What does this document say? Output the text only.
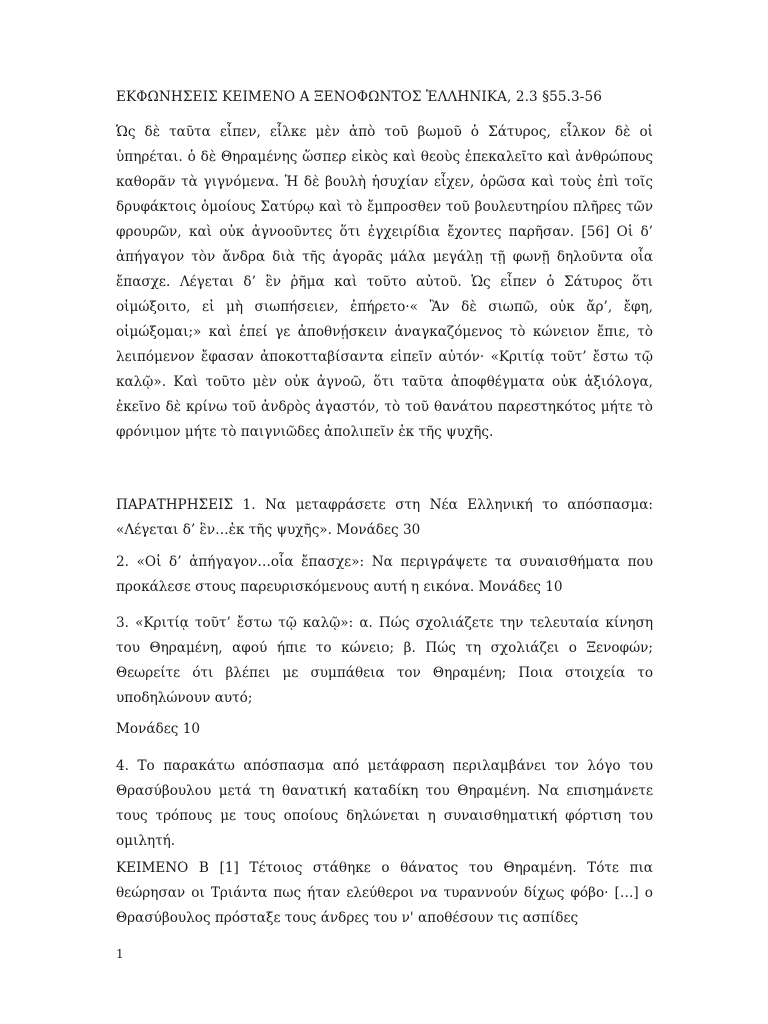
ΕΚΦΩΝΗΣΕΙΣ ΚΕΙΜΕΝΟ Α ΞΕΝΟΦΩΝΤΟΣ ἙΛΛΗΝΙΚΑ, 2.3 §55.3-56
Ὡς δὲ ταῦτα εἶπεν, εἷλκε μὲν ἀπὸ τοῦ βωμοῦ ὁ Σάτυρος, εἷλκον δὲ οἱ ὑπηρέται. ὁ δὲ Θηραμένης ὥσπερ εἰκὸς καὶ θεοὺς ἐπεκαλεῖτο καὶ ἀνθρώπους καθορᾶν τὰ γιγνόμενα. Ἡ δὲ βουλὴ ἡσυχίαν εἶχεν, ὁρῶσα καὶ τοὺς ἐπὶ τοῖς δρυφάκτοις ὁμοίους Σατύρῳ καὶ τὸ ἔμπροσθεν τοῦ βουλευτηρίου πλῆρες τῶν φρουρῶν, καὶ οὐκ ἀγνοοῦντες ὅτι ἐγχειρίδια ἔχοντες παρῆσαν. [56] Οἱ δ’ ἀπήγαγον τὸν ἄνδρα διὰ τῆς ἀγορᾶς μάλα μεγάλῃ τῇ φωνῇ δηλοῦντα οἷα ἔπασχε. Λέγεται δ’ ἓν ῥῆμα καὶ τοῦτο αὐτοῦ. Ὡς εἶπεν ὁ Σάτυρος ὅτι οἰμώξοιτο, εἰ μὴ σιωπήσειεν, ἐπήρετο·« Ἂν δὲ σιωπῶ, οὐκ ἄρ’, ἔφη, οἰμώξομαι;» καὶ ἐπεί γε ἀποθνῄσκειν ἀναγκαζόμενος τὸ κώνειον ἔπιε, τὸ λειπόμενον ἔφασαν ἀποκοτταβίσαντα εἰπεῖν αὐτόν· «Κριτίᾳ τοῦτ’ ἔστω τῷ καλῷ». Καὶ τοῦτο μὲν οὐκ ἀγνοῶ, ὅτι ταῦτα ἀποφθέγματα οὐκ ἀξιόλογα, ἐκεῖνο δὲ κρίνω τοῦ ἀνδρὸς ἀγαστόν, τὸ τοῦ θανάτου παρεστηκότος μήτε τὸ φρόνιμον μήτε τὸ παιγνιῶδες ἀπολιπεῖν ἐκ τῆς ψυχῆς.
ΠΑΡΑΤΗΡΗΣΕΙΣ 1. Να μεταφράσετε στη Νέα Ελληνική το απόσπασμα: «Λέγεται δ’ ἓν…ἐκ τῆς ψυχῆς». Μονάδες 30
2. «Οἱ δ’ ἀπήγαγον…οἷα ἔπασχε»: Να περιγράψετε τα συναισθήματα που προκάλεσε στους παρευρισκόμενους αυτή η εικόνα. Μονάδες 10
3. «Κριτίᾳ τοῦτ’ ἔστω τῷ καλῷ»: α. Πώς σχολιάζετε την τελευταία κίνηση του Θηραμένη, αφού ήπιε το κώνειο; β. Πώς τη σχολιάζει ο Ξενοφών; Θεωρείτε ότι βλέπει με συμπάθεια τον Θηραμένη; Ποια στοιχεία το υποδηλώνουν αυτό;
Μονάδες 10
4. Το παρακάτω απόσπασμα από μετάφραση περιλαμβάνει τον λόγο του Θρασύβουλου μετά τη θανατική καταδίκη του Θηραμένη. Να επισημάνετε τους τρόπους με τους οποίους δηλώνεται η συναισθηματική φόρτιση του ομιλητή.
ΚΕΙΜΕΝΟ Β [1] Τέτοιος στάθηκε ο θάνατος του Θηραμένη. Τότε πια θεώρησαν οι Τριάντα πως ήταν ελεύθεροι να τυραννούν δίχως φόβο· […] ο Θρασύβουλος πρόσταξε τους άνδρες του ν' αποθέσουν τις ασπίδες
1
